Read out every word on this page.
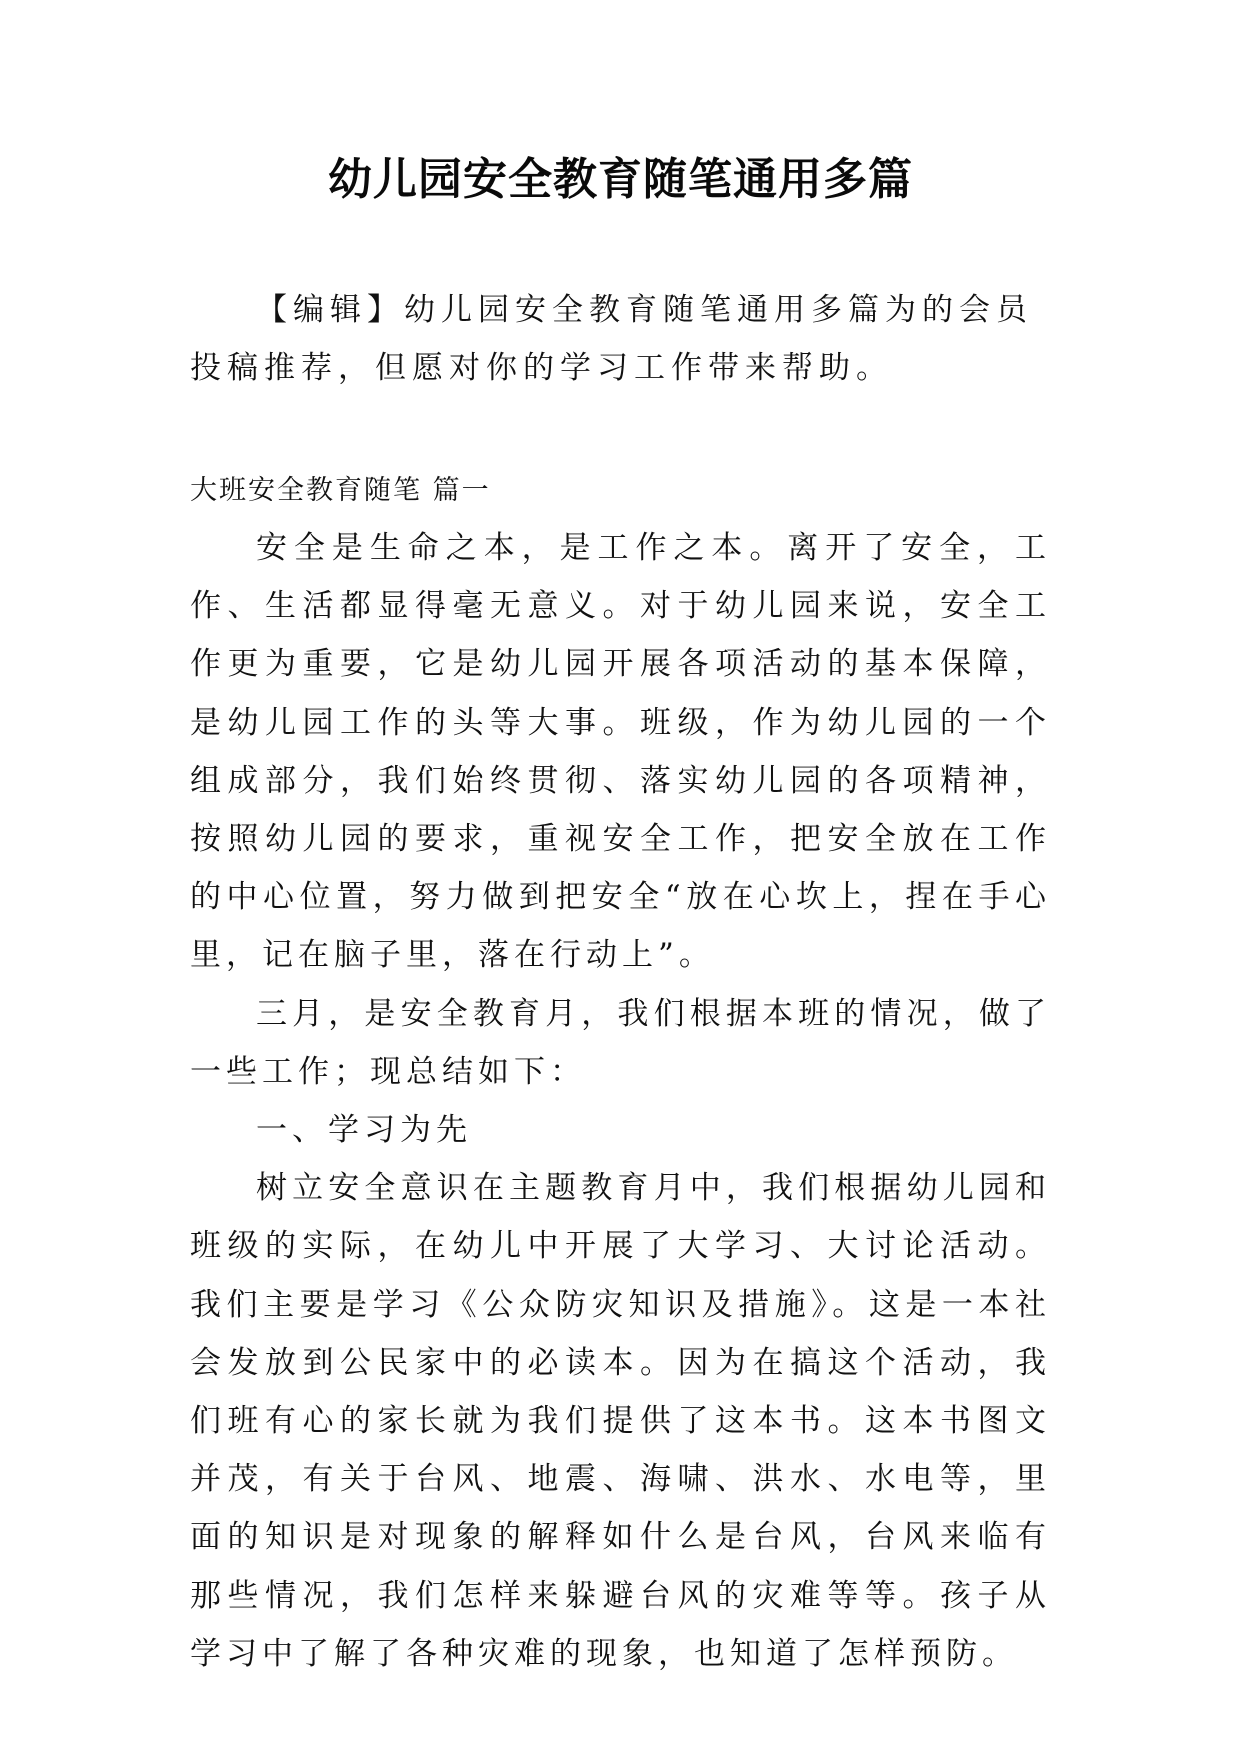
幼儿园安全教育随笔通用多篇
【编辑】幼儿园安全教育随笔通用多篇为的会员投稿推荐，但愿对你的学习工作带来帮助。
大班安全教育随笔 篇一

安全是生命之本，是工作之本。离开了安全，工作、生活都显得毫无意义。对于幼儿园来说，安全工作更为重要，它是幼儿园开展各项活动的基本保障，是幼儿园工作的头等大事。班级，作为幼儿园的一个组成部分，我们始终贯彻、落实幼儿园的各项精神，按照幼儿园的要求，重视安全工作，把安全放在工作的中心位置，努力做到把安全“放在心坎上，捏在手心里，记在脑子里，落在行动上”。

三月，是安全教育月，我们根据本班的情况，做了一些工作；现总结如下：

一、学习为先

树立安全意识在主题教育月中，我们根据幼儿园和班级的实际，在幼儿中开展了大学习、大讨论活动。我们主要是学习《公众防灾知识及措施》。这是一本社会发放到公民家中的必读本。因为在搞这个活动，我们班有心的家长就为我们提供了这本书。这本书图文并茂，有关于台风、地震、海啸、洪水、水电等，里面的知识是对现象的解释如什么是台风，台风来临有那些情况，我们怎样来躲避台风的灾难等等。孩子从学习中了解了各种灾难的现象，也知道了怎样预防。
